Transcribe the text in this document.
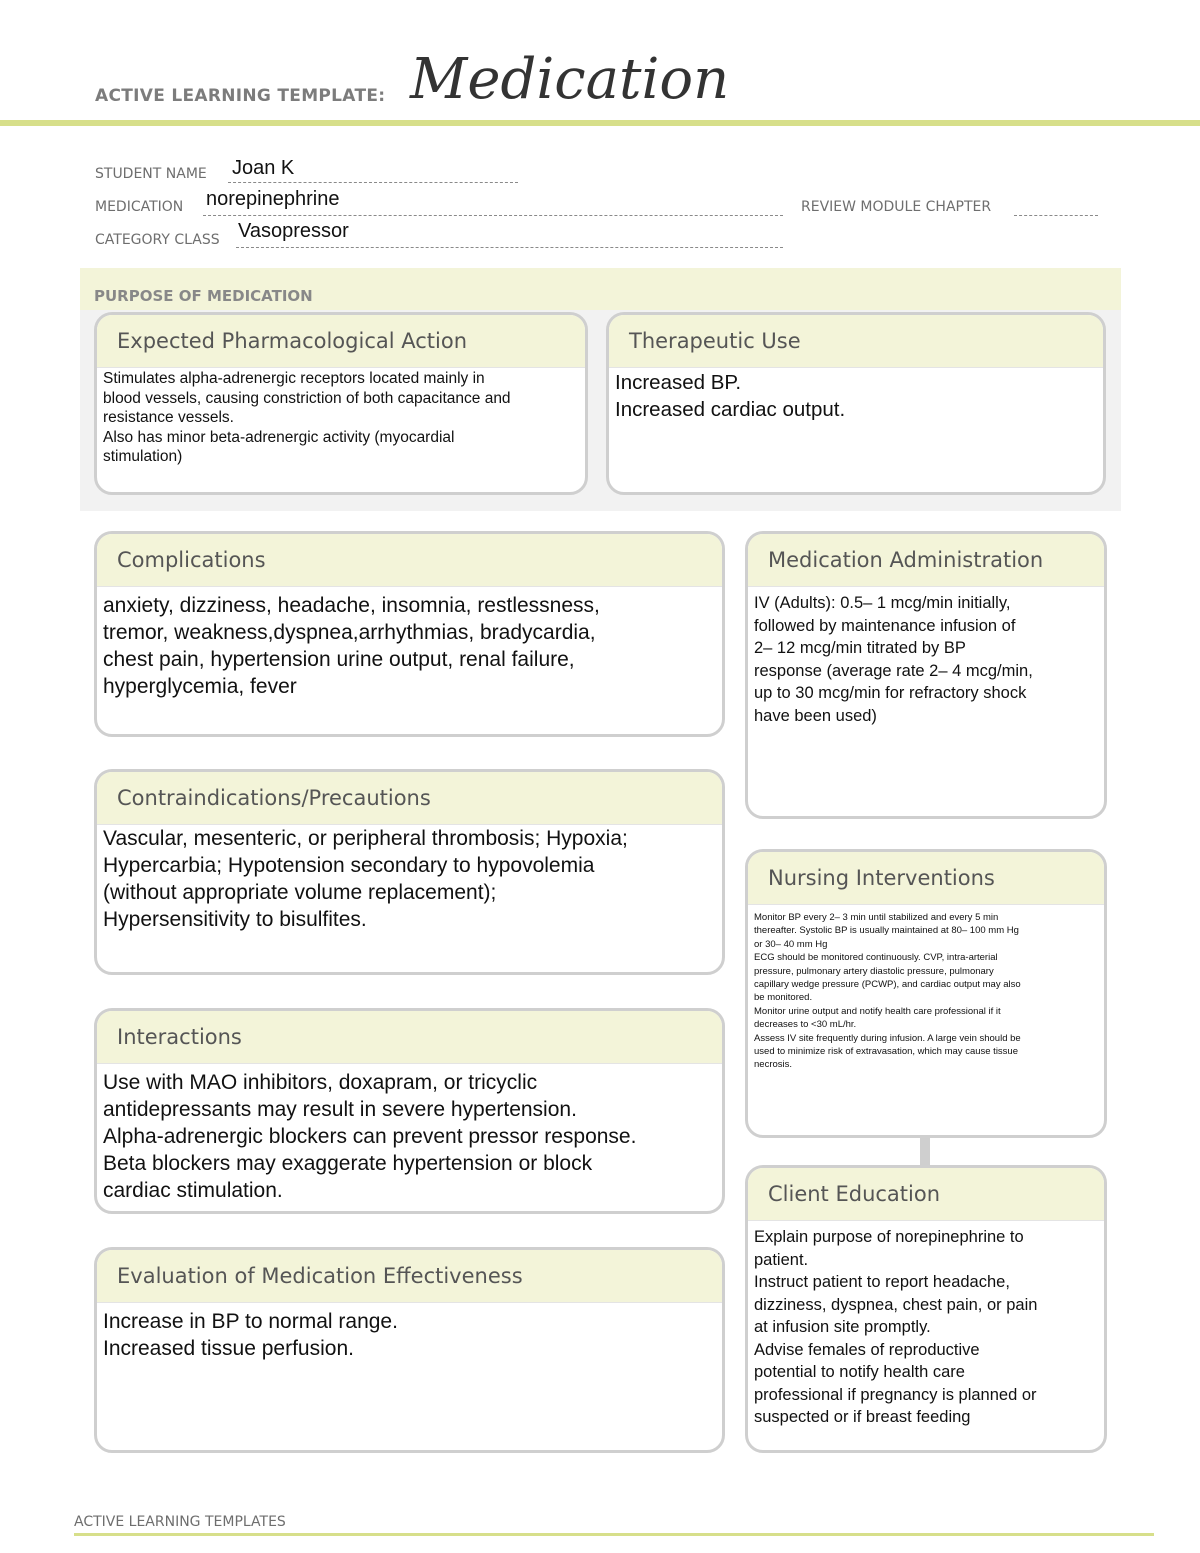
ACTIVE LEARNING TEMPLATE: Medication
STUDENT NAME Joan K
MEDICATION norepinephrine	REVIEW MODULE CHAPTER
CATEGORY CLASS Vasopressor
PURPOSE OF MEDICATION
Expected Pharmacological Action
Stimulates alpha-adrenergic receptors located mainly in
blood vessels, causing constriction of both capacitance and
resistance vessels.
Also has minor beta-adrenergic activity (myocardial
stimulation)
Therapeutic Use
Increased BP.
Increased cardiac output.
Complications
anxiety, dizziness, headache, insomnia, restlessness,
tremor, weakness,dyspnea,arrhythmias, bradycardia,
chest pain, hypertension urine output, renal failure,
hyperglycemia, fever
Contraindications/Precautions
Vascular, mesenteric, or peripheral thrombosis; Hypoxia;
Hypercarbia; Hypotension secondary to hypovolemia
(without appropriate volume replacement);
Hypersensitivity to bisulfites.
Interactions
Use with MAO inhibitors, doxapram, or tricyclic
antidepressants may result in severe hypertension.
Alpha-adrenergic blockers can prevent pressor response.
Beta blockers may exaggerate hypertension or block
cardiac stimulation.
Evaluation of Medication Effectiveness
Increase in BP to normal range.
Increased tissue perfusion.
Medication Administration
IV (Adults): 0.5– 1 mcg/min initially,
followed by maintenance infusion of
2– 12 mcg/min titrated by BP
response (average rate 2– 4 mcg/min,
up to 30 mcg/min for refractory shock
have been used)
Nursing Interventions
Monitor BP every 2– 3 min until stabilized and every 5 min
thereafter. Systolic BP is usually maintained at 80– 100 mm Hg
or 30– 40 mm Hg
ECG should be monitored continuously. CVP, intra-arterial
pressure, pulmonary artery diastolic pressure, pulmonary
capillary wedge pressure (PCWP), and cardiac output may also
be monitored.
Monitor urine output and notify health care professional if it
decreases to <30 mL/hr.
Assess IV site frequently during infusion. A large vein should be
used to minimize risk of extravasation, which may cause tissue
necrosis.
Client Education
Explain purpose of norepinephrine to
patient.
Instruct patient to report headache,
dizziness, dyspnea, chest pain, or pain
at infusion site promptly.
Advise females of reproductive
potential to notify health care
professional if pregnancy is planned or
suspected or if breast feeding
ACTIVE LEARNING TEMPLATES
